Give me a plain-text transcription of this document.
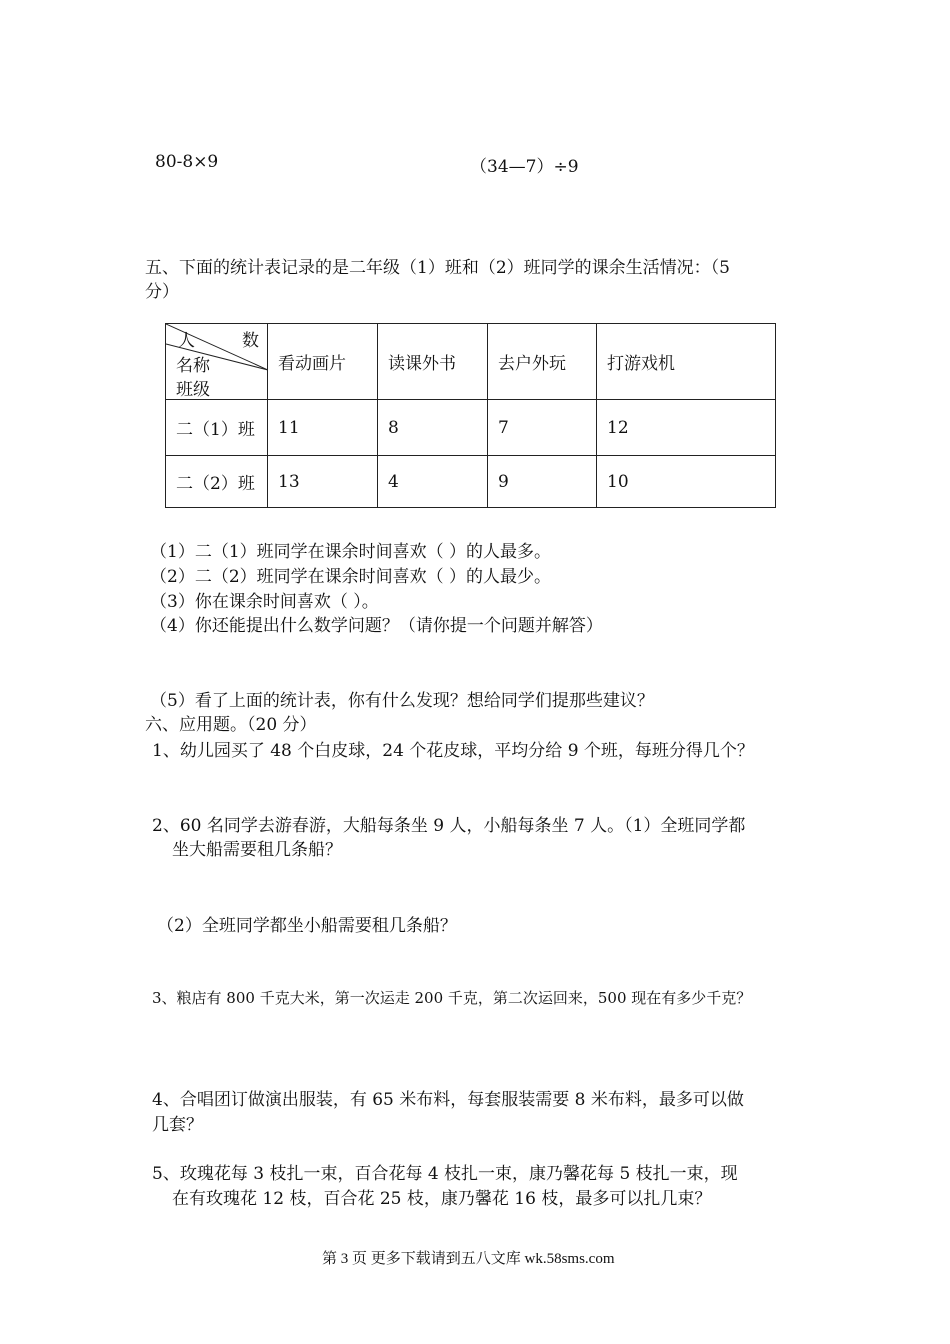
80-8×9	（34—7）÷9
五、下面的统计表记录的是二年级（1）班和（2）班同学的课余生活情况：（5
分）
人 数
名称
班级	看动画片	读课外书	去户外玩	打游戏机
二（1）班	11	8	7	12
二（2）班	13	4	9	10
（1）二（1）班同学在课余时间喜欢（ ）的人最多。
（2）二（2）班同学在课余时间喜欢（ ）的人最少。
（3）你在课余时间喜欢（ ）。
（4）你还能提出什么数学问题？（请你提一个问题并解答）
（5）看了上面的统计表，你有什么发现？想给同学们提那些建议？
六、应用题。（20 分）
1、幼儿园买了 48 个白皮球，24 个花皮球，平均分给 9 个班，每班分得几个？
2、60 名同学去游春游，大船每条坐 9 人，小船每条坐 7 人。（1）全班同学都
坐大船需要租几条船？
（2）全班同学都坐小船需要租几条船？
3、粮店有 800 千克大米，第一次运走 200 千克，第二次运回来，500 现在有多少千克？
4、合唱团订做演出服装，有 65 米布料，每套服装需要 8 米布料，最多可以做
几套？
5、玫瑰花每 3 枝扎一束，百合花每 4 枝扎一束，康乃馨花每 5 枝扎一束，现
在有玫瑰花 12 枝，百合花 25 枝，康乃馨花 16 枝，最多可以扎几束？
第 3 页 更多下载请到五八文库 wk.58sms.com
